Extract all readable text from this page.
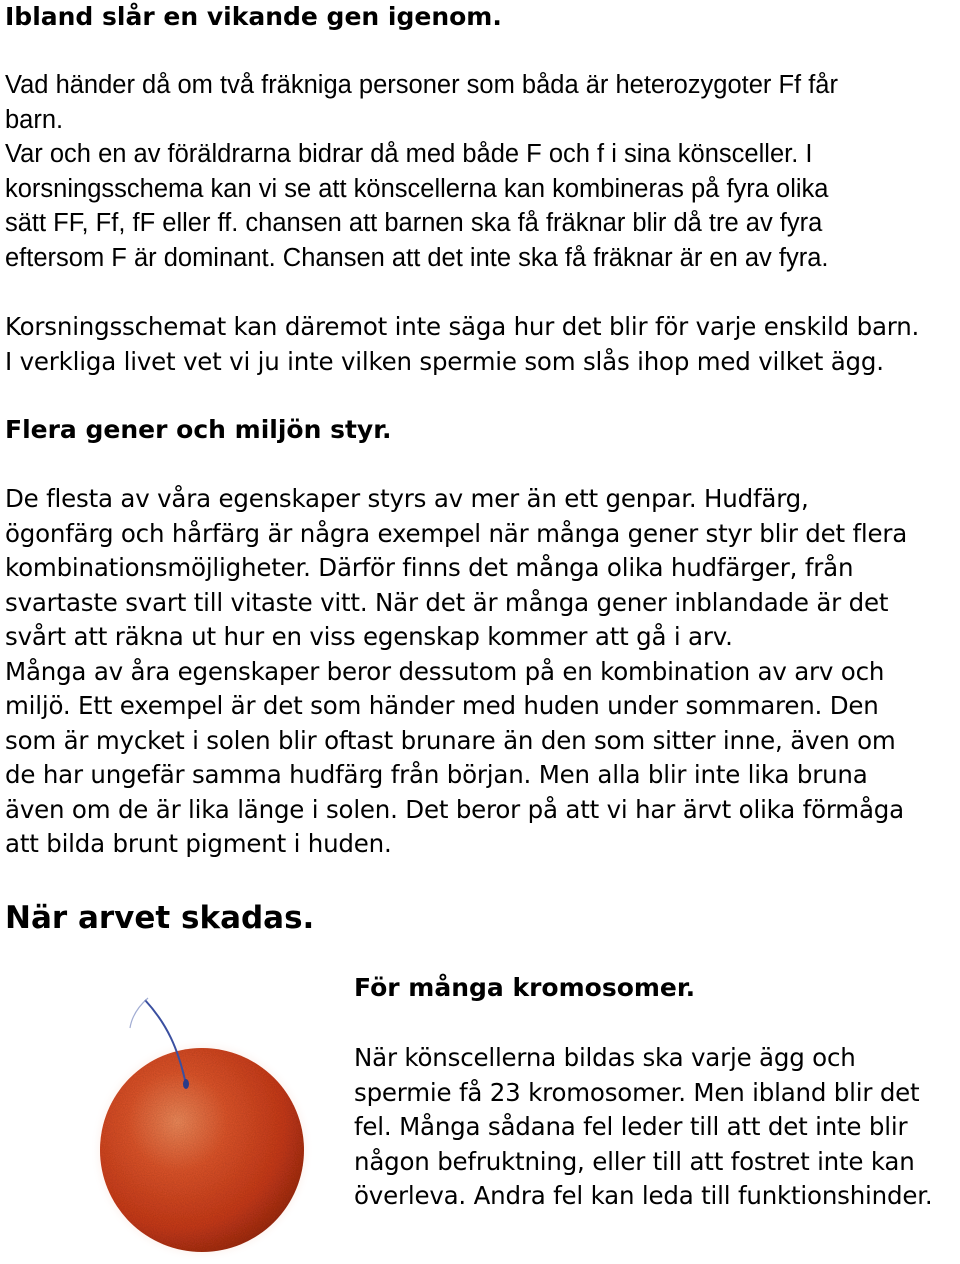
Ibland slår en vikande gen igenom.
Vad händer då om två fräkniga personer som båda är heterozygoter Ff får
barn.
Var och en av föräldrarna bidrar då med både F och f i sina könsceller. I
korsningsschema kan vi se att könscellerna kan kombineras på fyra olika
sätt FF, Ff, fF eller ff. chansen att barnen ska få fräknar blir då tre av fyra
eftersom F är dominant. Chansen att det inte ska få fräknar är en av fyra.
Korsningsschemat kan däremot inte säga hur det blir för varje enskild barn.
I verkliga livet vet vi ju inte vilken spermie som slås ihop med vilket ägg.
Flera gener och miljön styr.
De flesta av våra egenskaper styrs av mer än ett genpar. Hudfärg,
ögonfärg och hårfärg är några exempel när många gener styr blir det flera
kombinationsmöjligheter. Därför finns det många olika hudfärger, från
svartaste svart till vitaste vitt. När det är många gener inblandade är det
svårt att räkna ut hur en viss egenskap kommer att gå i arv.
Många av åra egenskaper beror dessutom på en kombination av arv och
miljö. Ett exempel är det som händer med huden under sommaren. Den
som är mycket i solen blir oftast brunare än den som sitter inne, även om
de har ungefär samma hudfärg från början. Men alla blir inte lika bruna
även om de är lika länge i solen. Det beror på att vi har ärvt olika förmåga
att bilda brunt pigment i huden.
När arvet skadas.
För många kromosomer.
När könscellerna bildas ska varje ägg och
spermie få 23 kromosomer. Men ibland blir det
fel. Många sådana fel leder till att det inte blir
någon befruktning, eller till att fostret inte kan
överleva. Andra fel kan leda till funktionshinder.
